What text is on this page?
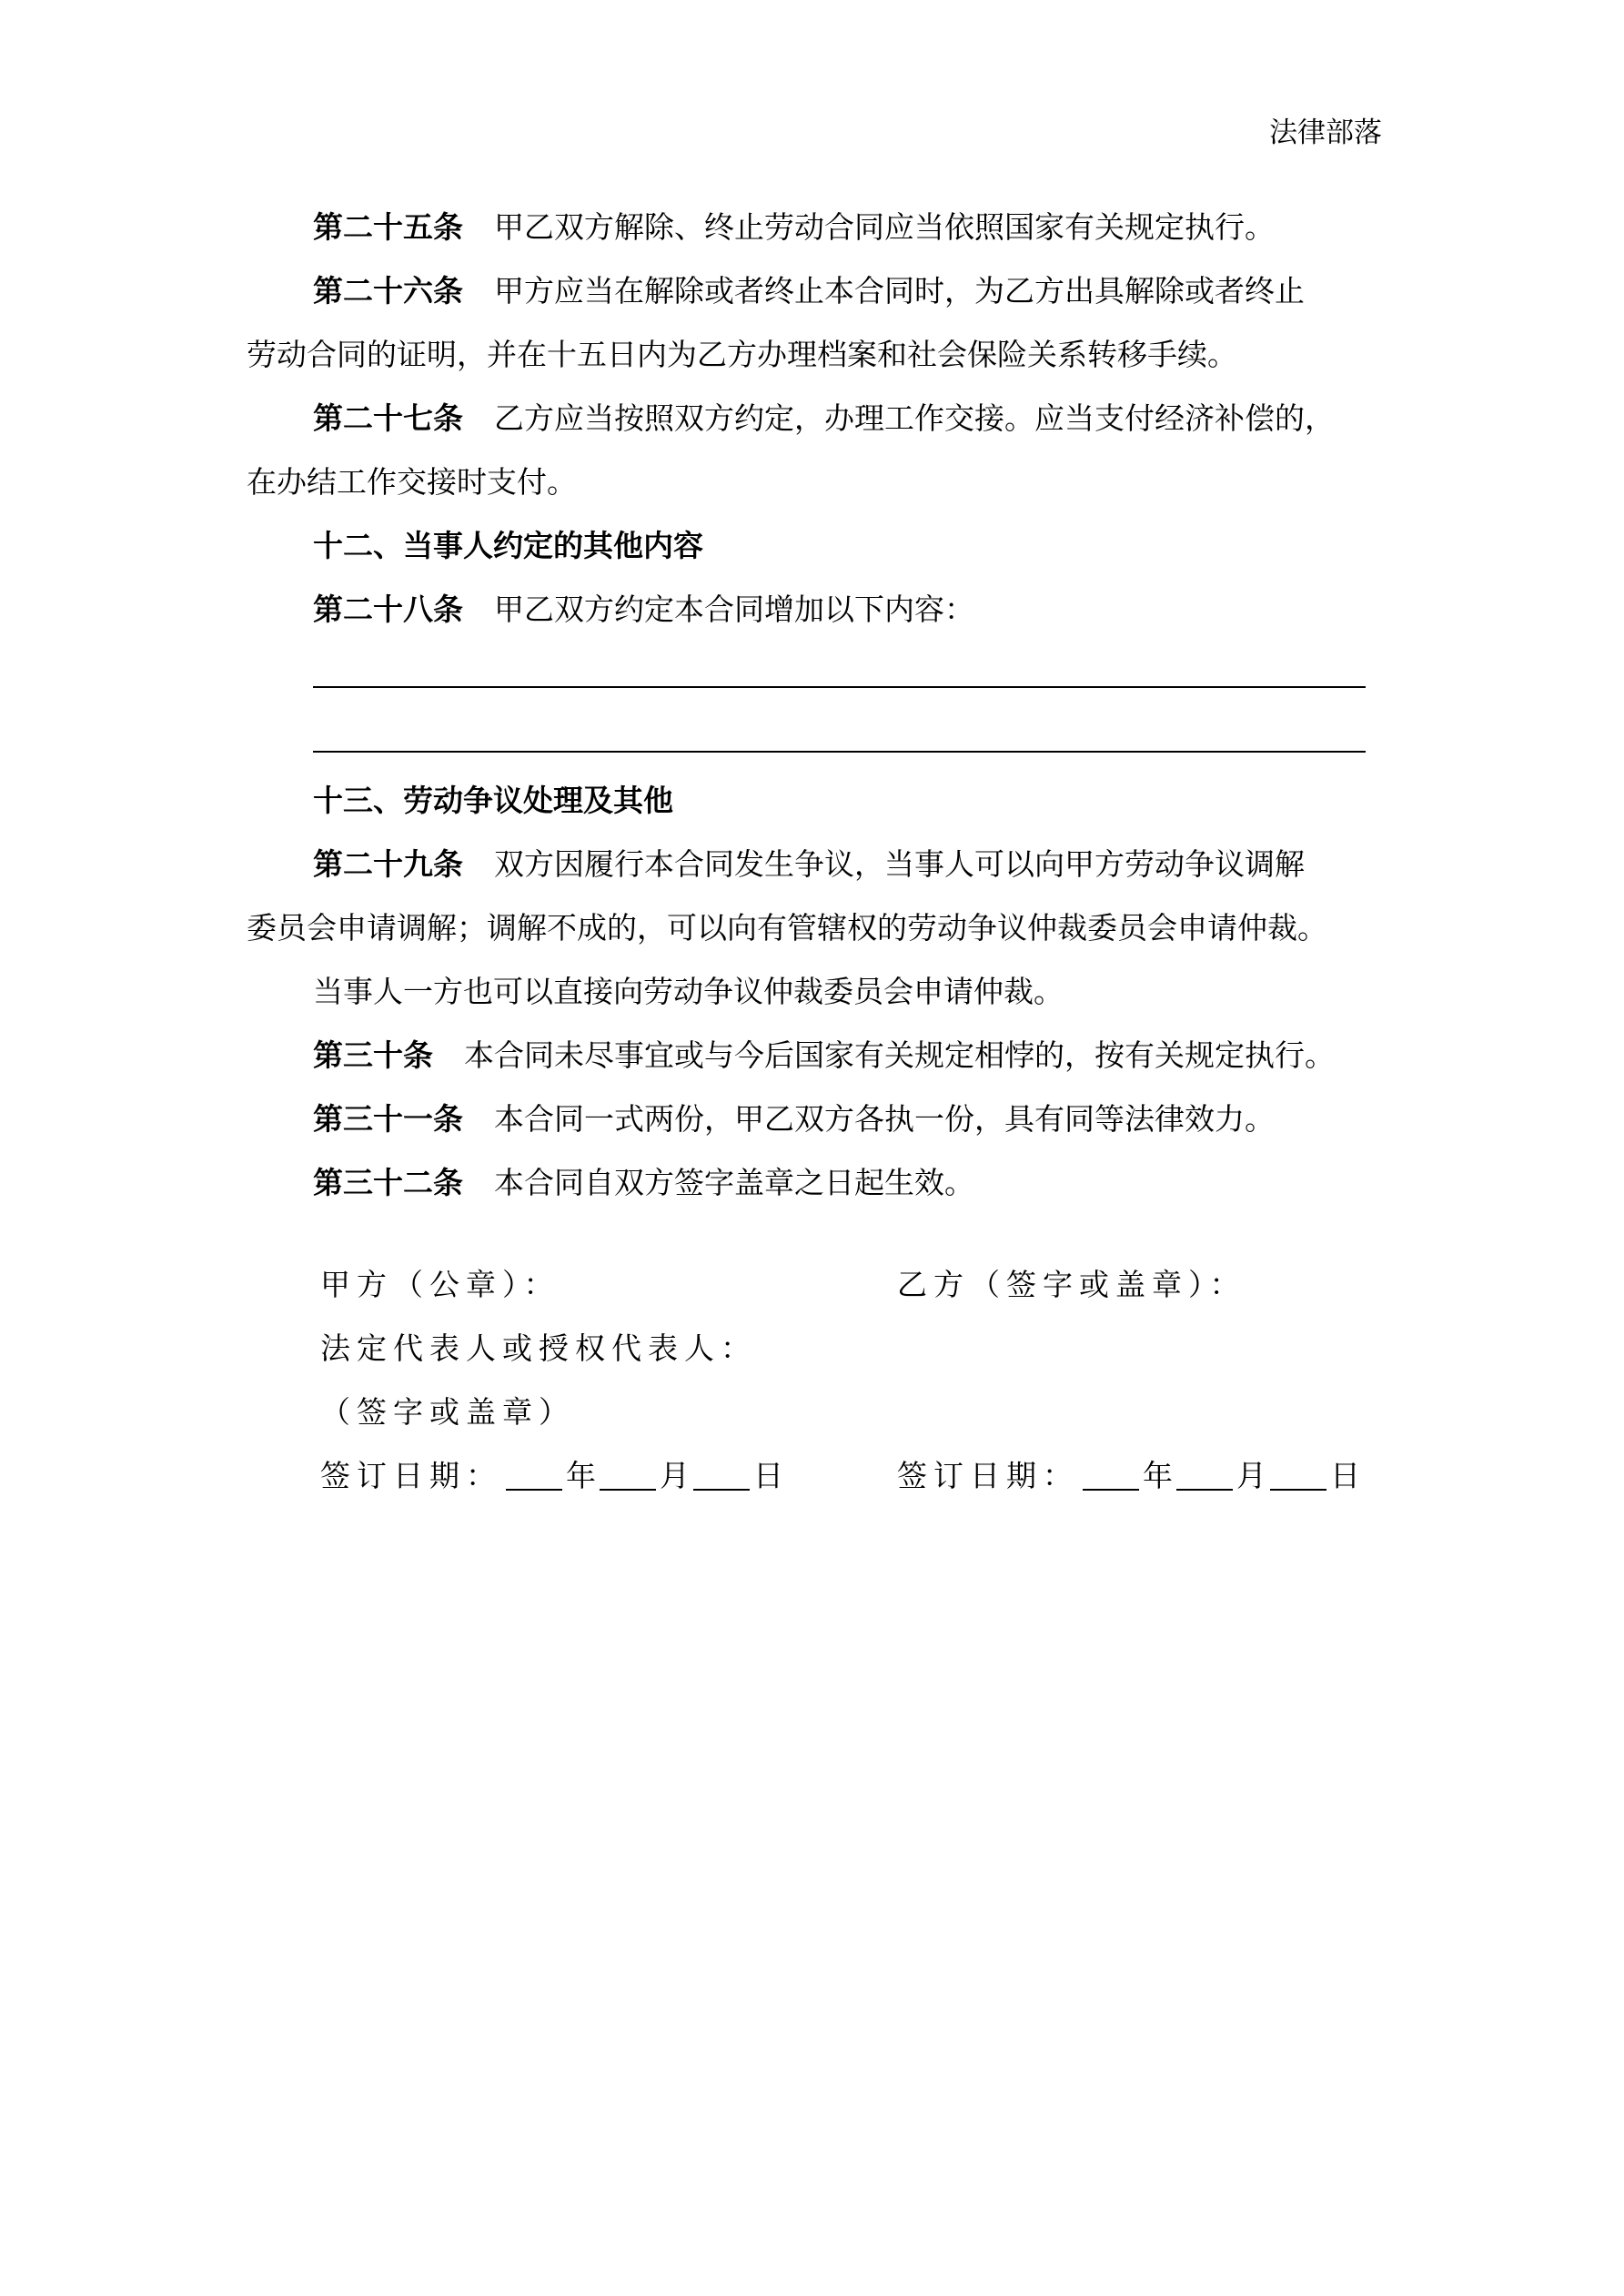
法律部落
第二十五条 甲乙双方解除、终止劳动合同应当依照国家有关规定执行。
第二十六条 甲方应当在解除或者终止本合同时，为乙方出具解除或者终止
劳动合同的证明，并在十五日内为乙方办理档案和社会保险关系转移手续。
第二十七条 乙方应当按照双方约定，办理工作交接。应当支付经济补偿的，
在办结工作交接时支付。
十二、当事人约定的其他内容
第二十八条 甲乙双方约定本合同增加以下内容：
十三、劳动争议处理及其他
第二十九条 双方因履行本合同发生争议，当事人可以向甲方劳动争议调解
委员会申请调解；调解不成的，可以向有管辖权的劳动争议仲裁委员会申请仲裁。
当事人一方也可以直接向劳动争议仲裁委员会申请仲裁。
第三十条 本合同未尽事宜或与今后国家有关规定相悖的，按有关规定执行。
第三十一条 本合同一式两份，甲乙双方各执一份，具有同等法律效力。
第三十二条 本合同自双方签字盖章之日起生效。
甲方（公章）：	乙方（签字或盖章）：
法定代表人或授权代表人：
（签字或盖章）
签订日期： 年 月 日	签订日期： 年 月 日
